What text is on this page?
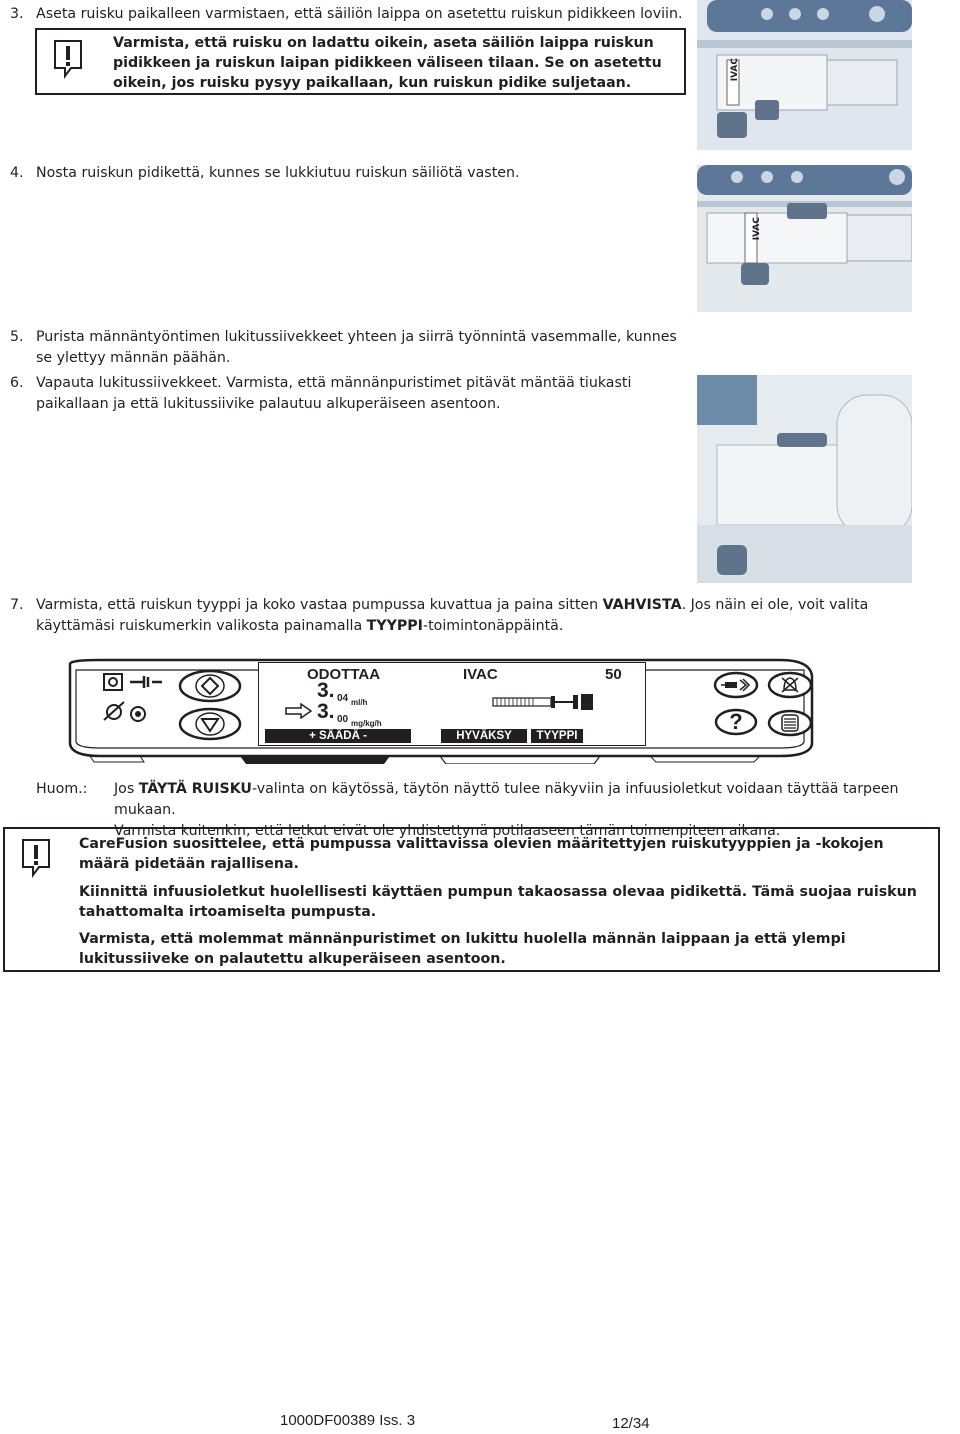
3. Aseta ruisku paikalleen varmistaen, että säiliön laippa on asetettu ruiskun pidikkeen loviin.
Varmista, että ruisku on ladattu oikein, aseta säiliön laippa ruiskun pidikkeen ja ruiskun laipan pidikkeen väliseen tilaan. Se on asetettu oikein, jos ruisku pysyy paikallaan, kun ruiskun pidike suljetaan.
IVAC
4. Nosta ruiskun pidikettä, kunnes se lukkiutuu ruiskun säiliötä vasten.
IVAC
5. Purista männäntyöntimen lukitussiivekkeet yhteen ja siirrä työnnintä vasemmalle, kunnes se ylettyy männän päähän.
6. Vapauta lukitussiivekkeet. Varmista, että männänpuristimet pitävät mäntää tiukasti paikallaan ja että lukitussiivike palautuu alkuperäiseen asentoon.
7. Varmista, että ruiskun tyyppi ja koko vastaa pumpussa kuvattua ja paina sitten VAHVISTA. Jos näin ei ole, voit valita käyttämäsi ruiskumerkin valikosta painamalla TYYPPI-toimintonäppäintä.
ODOTTAA	IVAC	50
3. 04 ml/h
3. 00 mg/kg/h
+ SÄÄDÄ -	HYVÄKSY	TYYPPI
?
Huom.: Jos TÄYTÄ RUISKU-valinta on käytössä, täytön näyttö tulee näkyviin ja infuusioletkut voidaan täyttää tarpeen mukaan.
Varmista kuitenkin, että letkut eivät ole yhdistettynä potilaaseen tämän toimenpiteen aikana.
CareFusion suosittelee, että pumpussa valittavissa olevien määritettyjen ruiskutyyppien ja -kokojen määrä pidetään rajallisena.
Kiinnittä infuusioletkut huolellisesti käyttäen pumpun takaosassa olevaa pidikettä. Tämä suojaa ruiskun tahattomalta irtoamiselta pumpusta.
Varmista, että molemmat männänpuristimet on lukittu huolella männän laippaan ja että ylempi lukitussiiveke on palautettu alkuperäiseen asentoon.
1000DF00389 Iss. 3	12/34
